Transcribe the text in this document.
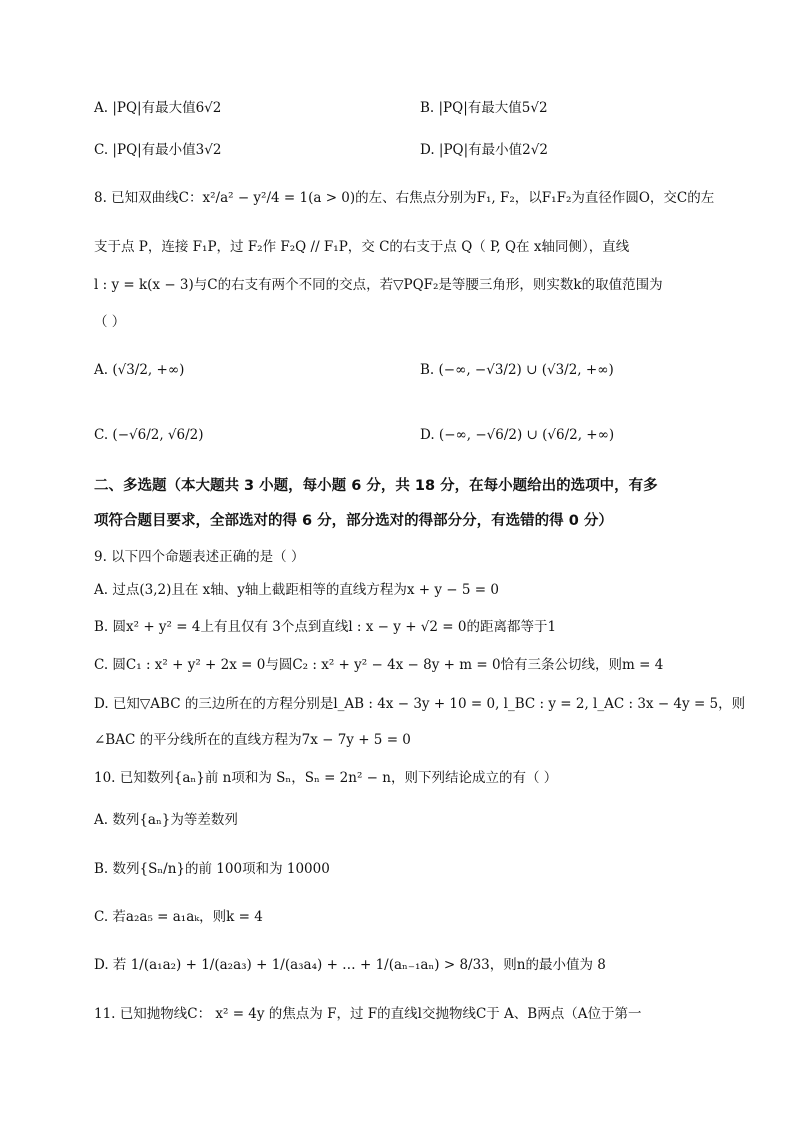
A. |PQ|有最大值6√2	B. |PQ|有最大值5√2
C. |PQ|有最小值3√2	D. |PQ|有最小值2√2
8. 已知双曲线C：x²/a² − y²/4 = 1(a > 0)的左、右焦点分别为F₁, F₂，以F₁F₂为直径作圆O，交C的左
支于点 P，连接 F₁P，过 F₂作 F₂Q // F₁P，交 C的右支于点 Q（ P, Q在 x轴同侧），直线
l : y = k(x − 3)与C的右支有两个不同的交点，若▽PQF₂是等腰三角形，则实数k的取值范围为
（ ）
A. (√3/2, +∞)	B. (−∞, −√3/2) ∪ (√3/2, +∞)
C. (−√6/2, √6/2)	D. (−∞, −√6/2) ∪ (√6/2, +∞)
二、多选题（本大题共 3 小题，每小题 6 分，共 18 分，在每小题给出的选项中，有多
项符合题目要求，全部选对的得 6 分，部分选对的得部分分，有选错的得 0 分）
9. 以下四个命题表述正确的是（ ）
A. 过点(3,2)且在 x轴、y轴上截距相等的直线方程为x + y − 5 = 0
B. 圆x² + y² = 4上有且仅有 3个点到直线l : x − y + √2 = 0的距离都等于1
C. 圆C₁ : x² + y² + 2x = 0与圆C₂ : x² + y² − 4x − 8y + m = 0恰有三条公切线，则m = 4
D. 已知▽ABC 的三边所在的方程分别是l_AB : 4x − 3y + 10 = 0, l_BC : y = 2, l_AC : 3x − 4y = 5，则
∠BAC 的平分线所在的直线方程为7x − 7y + 5 = 0
10. 已知数列{aₙ}前 n项和为 Sₙ，Sₙ = 2n² − n，则下列结论成立的有（ ）
A. 数列{aₙ}为等差数列
B. 数列{Sₙ/n}的前 100项和为 10000
C. 若a₂a₅ = a₁aₖ，则k = 4
D. 若 1/(a₁a₂) + 1/(a₂a₃) + 1/(a₃a₄) + … + 1/(aₙ₋₁aₙ) > 8/33，则n的最小值为 8
11. 已知抛物线C： x² = 4y 的焦点为 F，过 F的直线l交抛物线C于 A、B两点（A位于第一
